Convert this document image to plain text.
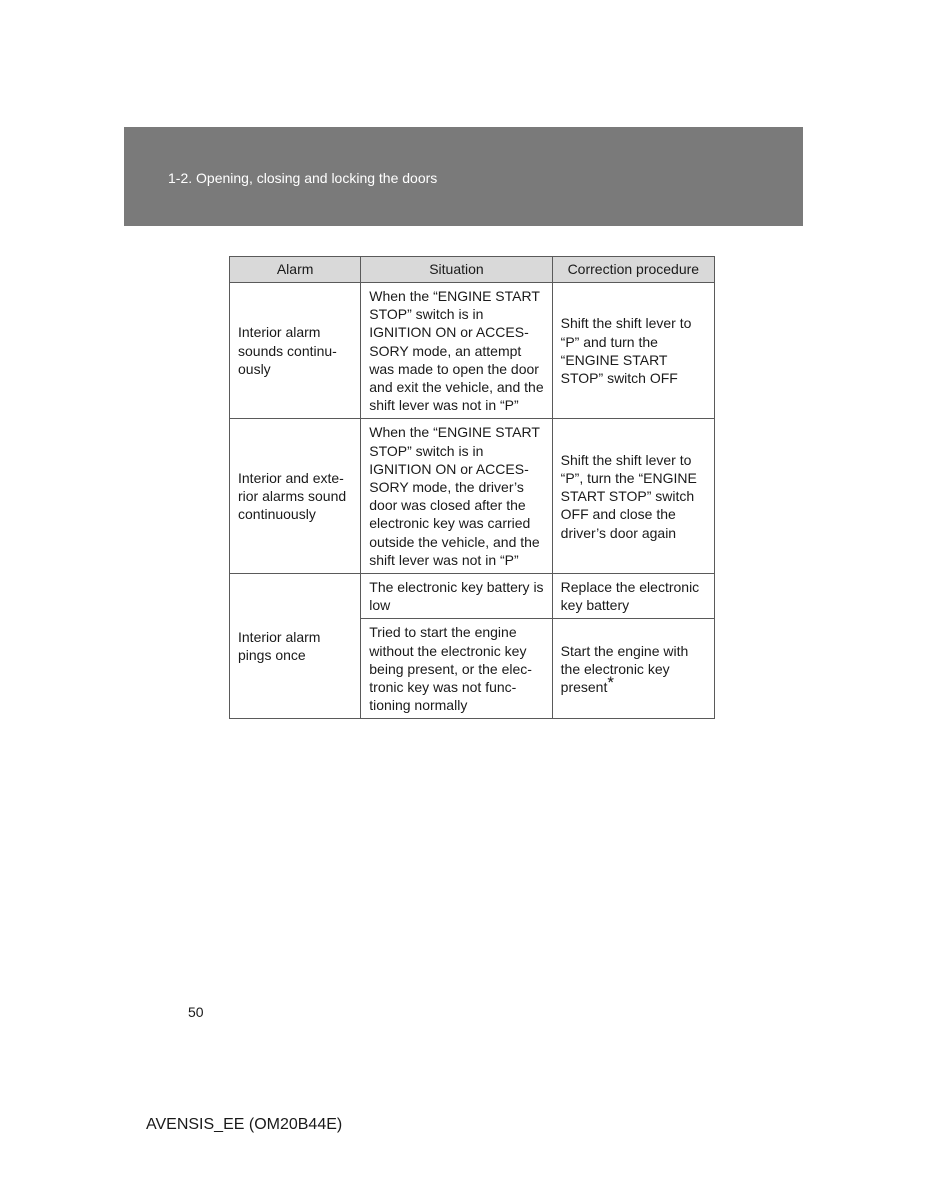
1-2. Opening, closing and locking the doors
Alarm	Situation	Correction procedure
Interior alarm sounds continu-ously	When the “ENGINE START STOP” switch is in IGNITION ON or ACCES-SORY mode, an attempt was made to open the door and exit the vehicle, and the shift lever was not in “P”	Shift the shift lever to “P” and turn the “ENGINE START STOP” switch OFF
Interior and exte-rior alarms sound continuously	When the “ENGINE START STOP” switch is in IGNITION ON or ACCES-SORY mode, the driver’s door was closed after the electronic key was carried outside the vehicle, and the shift lever was not in “P”	Shift the shift lever to “P”, turn the “ENGINE START STOP” switch OFF and close the driver’s door again
Interior alarm pings once	The electronic key battery is low	Replace the electronic key battery
	Tried to start the engine without the electronic key being present, or the elec-tronic key was not func-tioning normally	Start the engine with the electronic key present*
50
AVENSIS_EE (OM20B44E)
